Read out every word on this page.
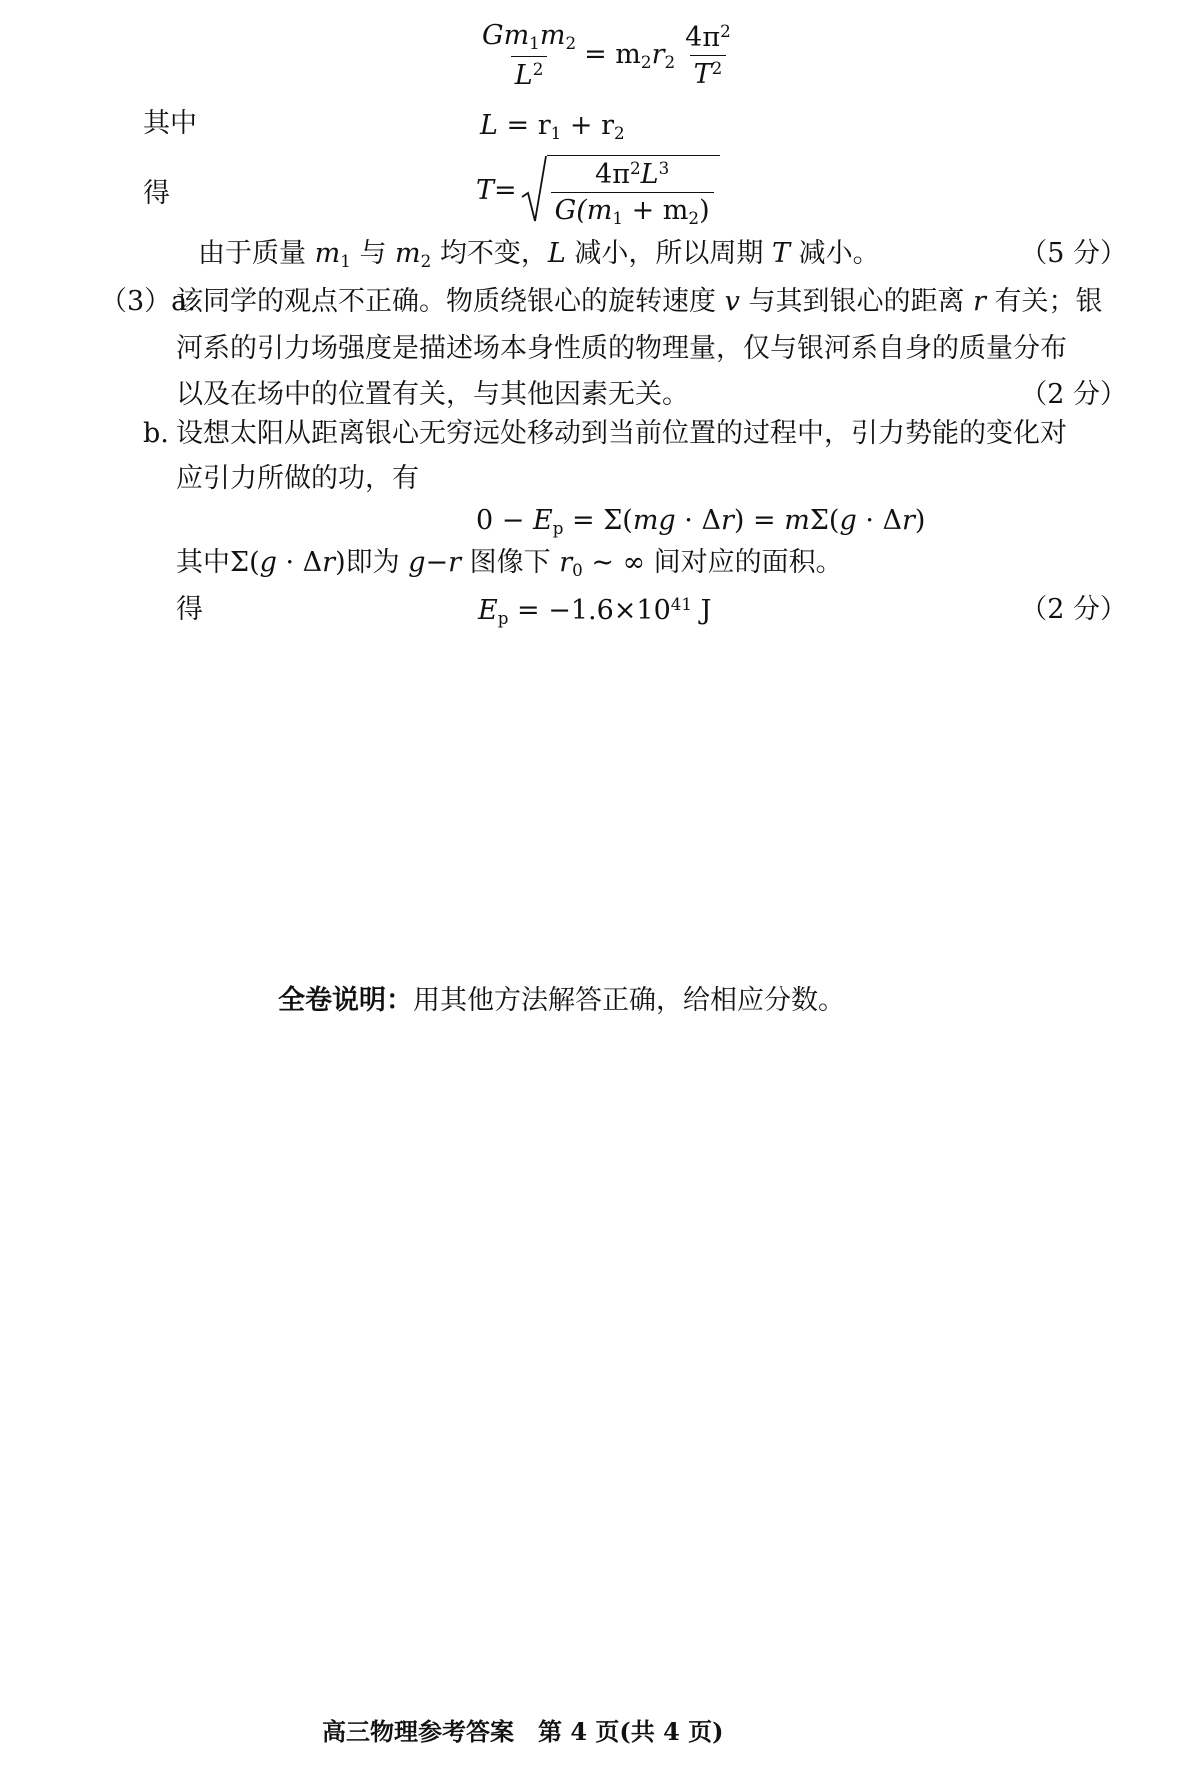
$\frac{Gm_1m_2}{L^2} = m_2r_2 \frac{4\pi^2}{T^2}$
其中	$L = r_1 + r_2$
得	$T = \frac{4\pi^2L^3}{G(m_1 + m_2)}$
由于质量 $m_1$ 与 $m_2$ 均不变，L 减小，所以周期 T 减小。	（5 分）
（3）a.
该同学的观点不正确。物质绕银心的旋转速度 v 与其到银心的距离 r 有关；银
河系的引力场强度是描述场本身性质的物理量，仅与银河系自身的质量分布
以及在场中的位置有关，与其他因素无关。	（2 分）
b. 设想太阳从距离银心无穷远处移动到当前位置的过程中，引力势能的变化对
应引力所做的功，有
$0 - E_p = \Sigma(mg \cdot \Delta r) = m\Sigma(g \cdot \Delta r)$
其中Σ(g · Δr)即为 g−r 图像下 $r_0$ ~ ∞ 间对应的面积。
得	$E_p = -1.6\times 10^{41}$ J	（2 分）
全卷说明：用其他方法解答正确，给相应分数。
高三物理参考答案　第 4 页(共 4 页)
